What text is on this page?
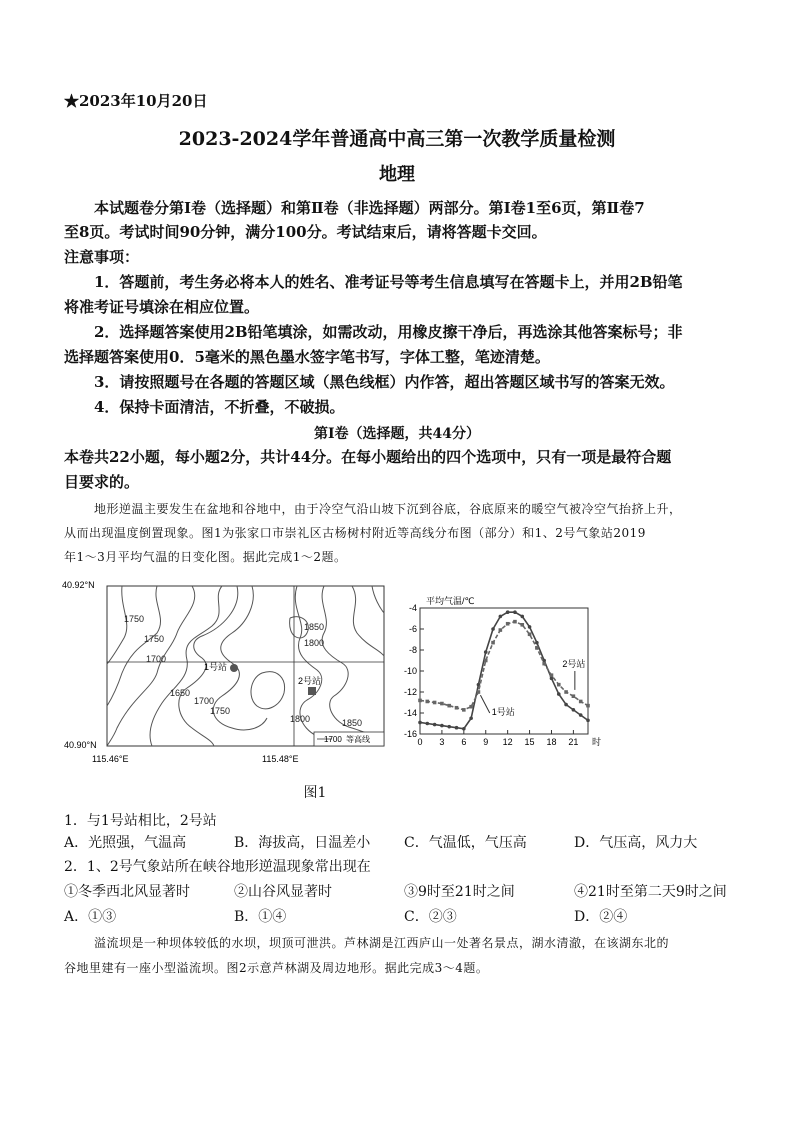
★2023年10月20日
2023-2024学年普通高中高三第一次教学质量检测
地理
本试题卷分第Ⅰ卷（选择题）和第Ⅱ卷（非选择题）两部分。第Ⅰ卷1至6页，第Ⅱ卷7
至8页。考试时间90分钟，满分100分。考试结束后，请将答题卡交回。
注意事项：
1．答题前，考生务必将本人的姓名、准考证号等考生信息填写在答题卡上，并用2B铅笔
将准考证号填涂在相应位置。
2．选择题答案使用2B铅笔填涂，如需改动，用橡皮擦干净后，再选涂其他答案标号；非
选择题答案使用0．5毫米的黑色墨水签字笔书写，字体工整，笔迹清楚。
3．请按照题号在各题的答题区域（黑色线框）内作答，超出答题区域书写的答案无效。
4．保持卡面清洁，不折叠，不破损。
第Ⅰ卷（选择题，共44分）
本卷共22小题，每小题2分，共计44分。在每小题给出的四个选项中，只有一项是最符合题
目要求的。
地形逆温主要发生在盆地和谷地中，由于冷空气沿山坡下沉到谷底，谷底原来的暖空气被冷空气抬挤上升，
从而出现温度倒置现象。图1为张家口市崇礼区古杨树村附近等高线分布图（部分）和1、2号气象站2019
年1～3月平均气温的日变化图。据此完成1～2题。
40.92°N
40.90°N
115.46°E	115.48°E
1750
1750
1700
1650
1700
1750
1850
1800
1800	1850
1号站
2号站
1700 等高线
-4
-6
-8
-10
-12
-14
-16
0 3 6 9 12 15 18 21 时
平均气温/℃
1号站
2号站
图1
1．与1号站相比，2号站
A．光照强，气温高	B．海拔高，日温差小	C．气温低，气压高	D．气压高，风力大
2．1、2号气象站所在峡谷地形逆温现象常出现在
①冬季西北风显著时	②山谷风显著时	③9时至21时之间	④21时至第二天9时之间
A．①③	B．①④	C．②③	D．②④
溢流坝是一种坝体较低的水坝，坝顶可泄洪。芦林湖是江西庐山一处著名景点，湖水清澈，在该湖东北的
谷地里建有一座小型溢流坝。图2示意芦林湖及周边地形。据此完成3～4题。
